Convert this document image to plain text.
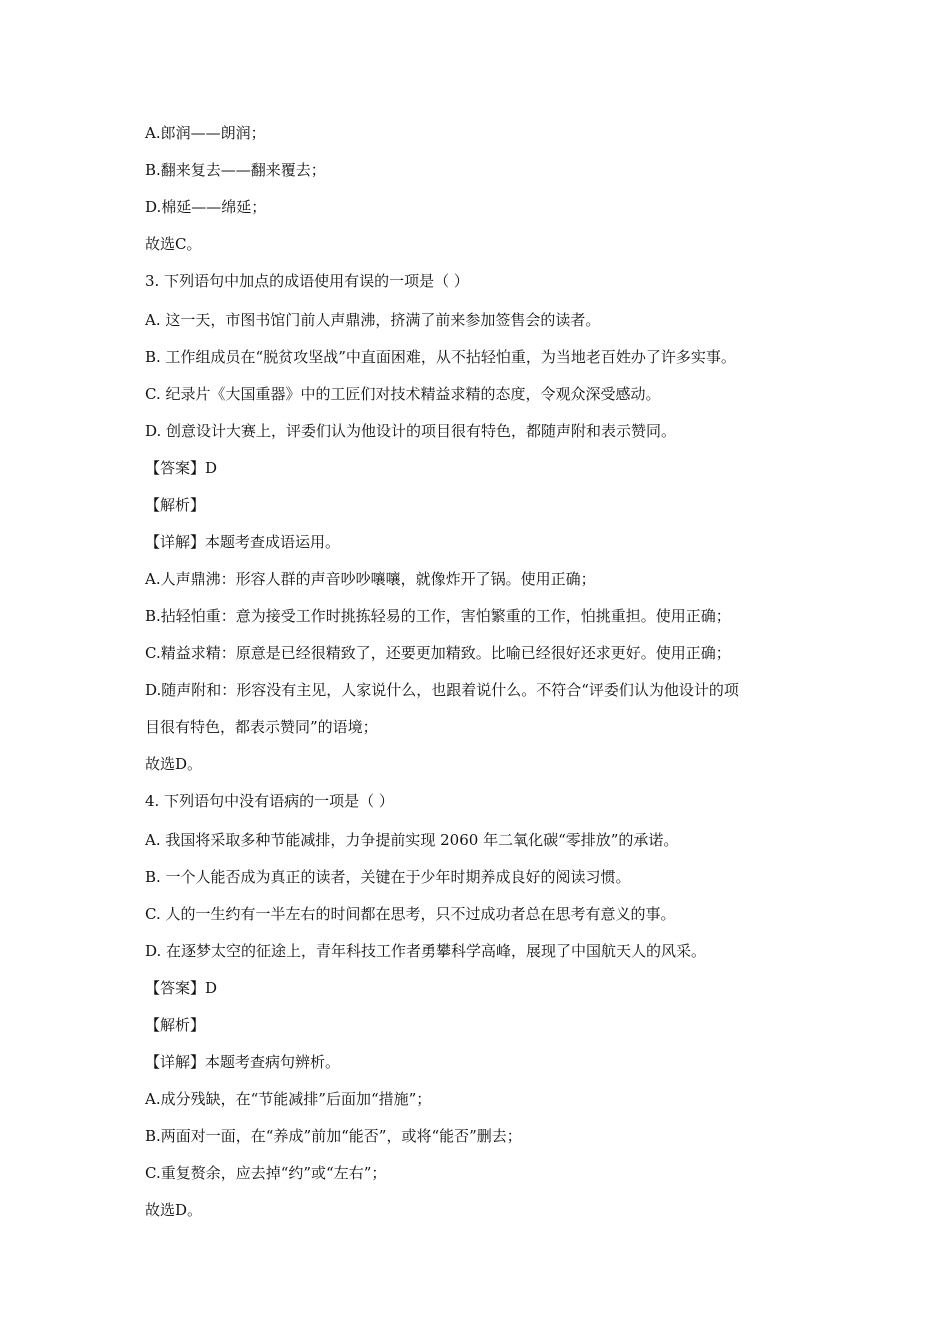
A.郎润——朗润；
B.翻来复去——翻来覆去；
D.棉延——绵延；
故选C。
3. 下列语句中加点的成语使用有误的一项是（ ）
A. 这一天，市图书馆门前人声鼎沸，挤满了前来参加签售会的读者。
B. 工作组成员在“脱贫攻坚战”中直面困难，从不拈轻怕重，为当地老百姓办了许多实事。
C. 纪录片《大国重器》中的工匠们对技术精益求精的态度，令观众深受感动。
D. 创意设计大赛上，评委们认为他设计的项目很有特色，都随声附和表示赞同。
【答案】D
【解析】
【详解】本题考查成语运用。
A.人声鼎沸：形容人群的声音吵吵嚷嚷，就像炸开了锅。使用正确；
B.拈轻怕重：意为接受工作时挑拣轻易的工作，害怕繁重的工作，怕挑重担。使用正确；
C.精益求精：原意是已经很精致了，还要更加精致。比喻已经很好还求更好。使用正确；
D.随声附和：形容没有主见，人家说什么，也跟着说什么。不符合“评委们认为他设计的项
目很有特色，都表示赞同”的语境；
故选D。
4. 下列语句中没有语病的一项是（ ）
A. 我国将采取多种节能减排，力争提前实现 2060 年二氧化碳“零排放”的承诺。
B. 一个人能否成为真正的读者，关键在于少年时期养成良好的阅读习惯。
C. 人的一生约有一半左右的时间都在思考，只不过成功者总在思考有意义的事。
D. 在逐梦太空的征途上，青年科技工作者勇攀科学高峰，展现了中国航天人的风采。
【答案】D
【解析】
【详解】本题考查病句辨析。
A.成分残缺，在“节能减排”后面加“措施”；
B.两面对一面，在“养成”前加“能否”，或将“能否”删去；
C.重复赘余，应去掉“约”或“左右”；
故选D。
